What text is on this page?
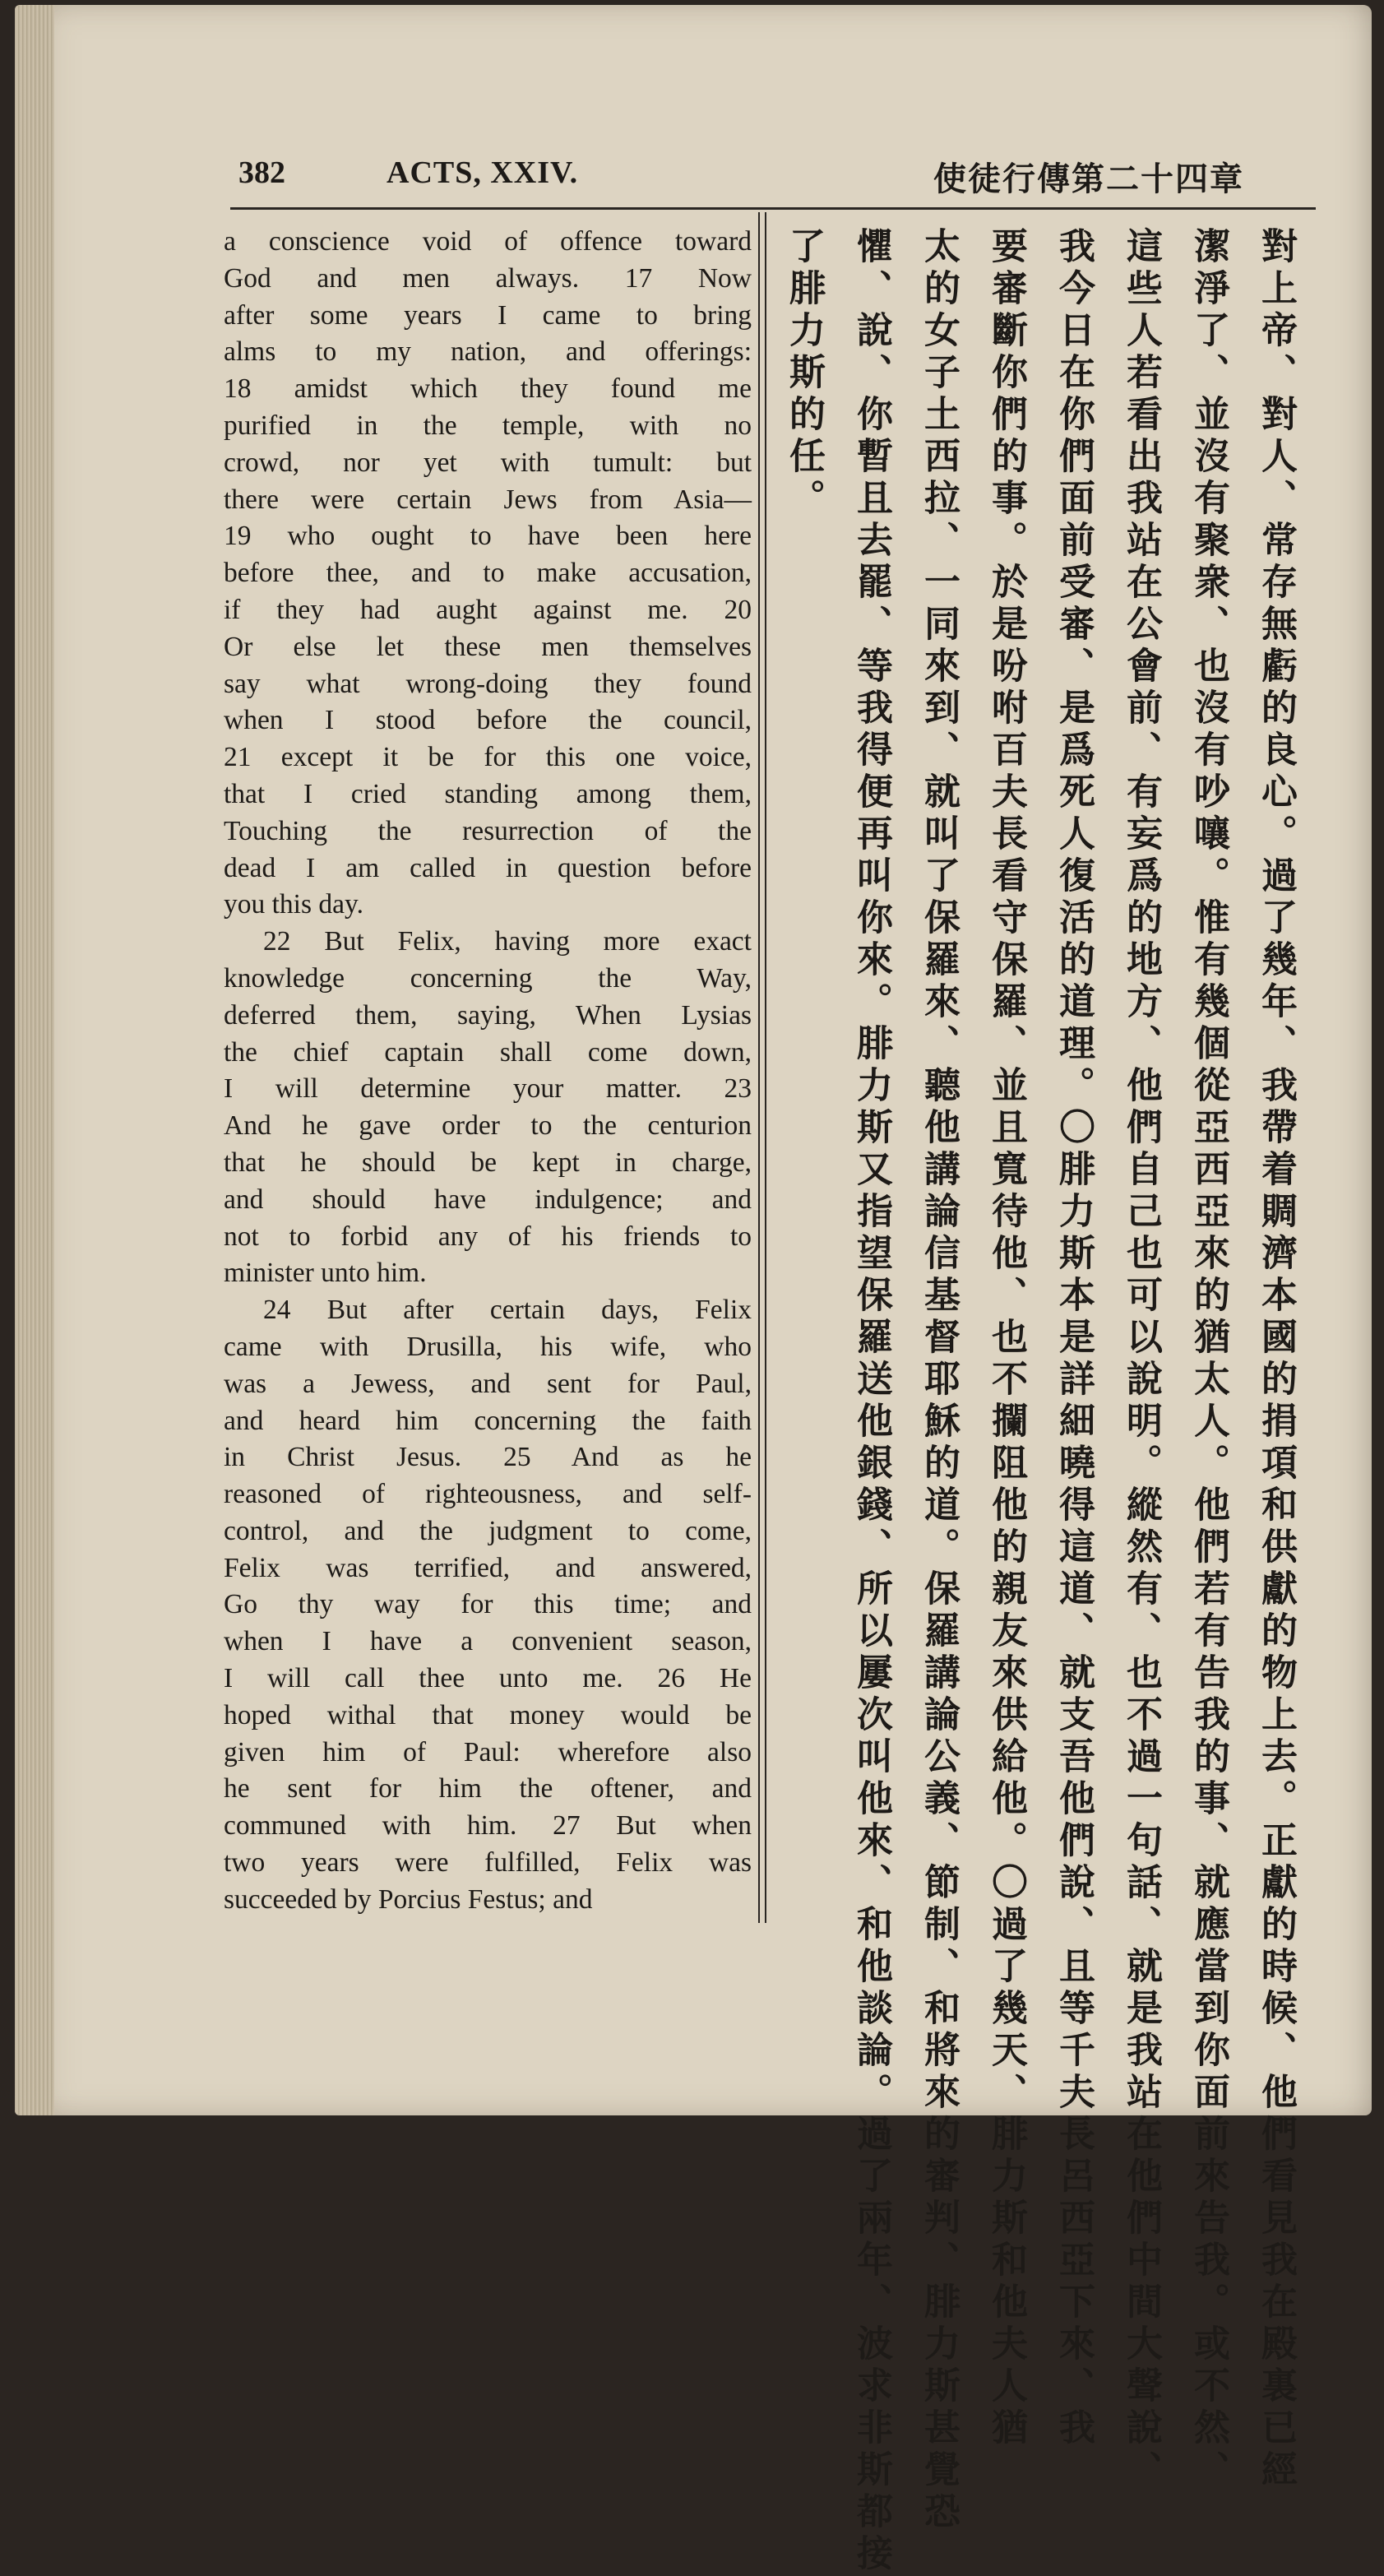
382	ACTS, XXIV.	使徒行傳第二十四章
a conscience void of offence toward
God and men always. 17 Now
after some years I came to bring
alms to my nation, and offerings:
18 amidst which they found me
purified in the temple, with no
crowd, nor yet with tumult: but
there were certain Jews from Asia—
19 who ought to have been here
before thee, and to make accusation,
if they had aught against me. 20
Or else let these men themselves
say what wrong-doing they found
when I stood before the council,
21 except it be for this one voice,
that I cried standing among them,
Touching the resurrection of the
dead I am called in question before
you this day.
22 But Felix, having more exact
knowledge concerning the Way,
deferred them, saying, When Lysias
the chief captain shall come down,
I will determine your matter. 23
And he gave order to the centurion
that he should be kept in charge,
and should have indulgence; and
not to forbid any of his friends to
minister unto him.
24 But after certain days, Felix
came with Drusilla, his wife, who
was a Jewess, and sent for Paul,
and heard him concerning the faith
in Christ Jesus. 25 And as he
reasoned of righteousness, and self-
control, and the judgment to come,
Felix was terrified, and answered,
Go thy way for this time; and
when I have a convenient season,
I will call thee unto me. 26 He
hoped withal that money would be
given him of Paul: wherefore also
he sent for him the oftener, and
communed with him. 27 But when
two years were fulfilled, Felix was
succeeded by Porcius Festus; and	對上帝、對人、常存無虧的良心。過了幾年、我帶着賙濟本國的捐項和供獻的物上去。正獻的時候、他們看見我在殿裏已經
潔淨了、並沒有聚衆、也沒有吵嚷。惟有幾個從亞西亞來的猶太人。他們若有告我的事、就應當到你面前來告我。或不然、
這些人若看出我站在公會前、有妄爲的地方、他們自己也可以說明。縱然有、也不過一句話、就是我站在他們中間大聲說、
我今日在你們面前受審、是爲死人復活的道理。〇腓力斯本是詳細曉得這道、就支吾他們說、且等千夫長呂西亞下來、我
要審斷你們的事。於是吩咐百夫長看守保羅、並且寬待他、也不攔阻他的親友來供給他。〇過了幾天、腓力斯和他夫人猶
太的女子土西拉、一同來到、就叫了保羅來、聽他講論信基督耶穌的道。保羅講論公義、節制、和將來的審判、腓力斯甚覺恐
懼、說、你暫且去罷、等我得便再叫你來。腓力斯又指望保羅送他銀錢、所以屢次叫他來、和他談論。過了兩年、波求非斯都接
了腓力斯的任。
